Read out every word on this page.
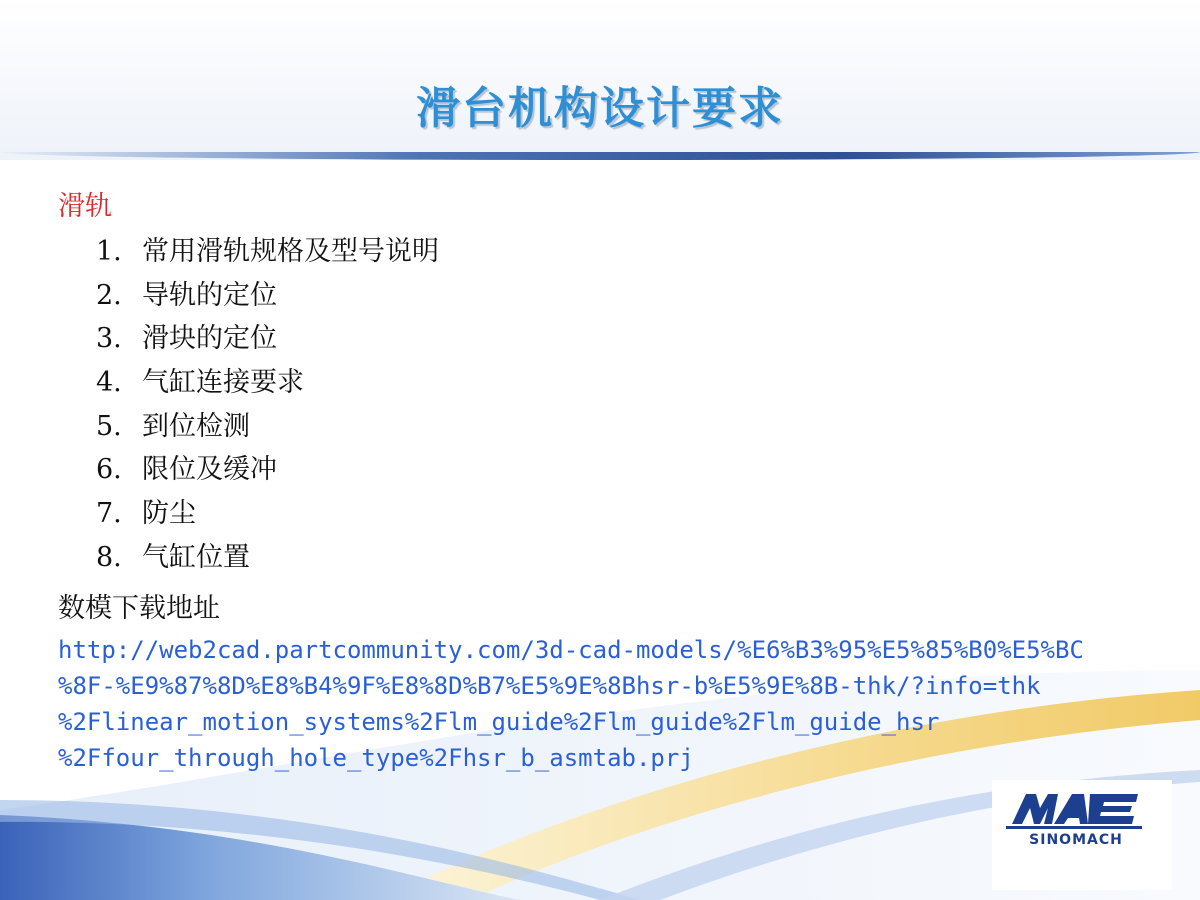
滑台机构设计要求
滑轨
1. 常用滑轨规格及型号说明
2. 导轨的定位
3. 滑块的定位
4. 气缸连接要求
5. 到位检测
6. 限位及缓冲
7. 防尘
8. 气缸位置
数模下载地址
http://web2cad.partcommunity.com/3d-cad-models/%E6%B3%95%E5%85%B0%E5%BC
%8F-%E9%87%8D%E8%B4%9F%E8%8D%B7%E5%9E%8Bhsr-b%E5%9E%8B-thk/?info=thk
%2Flinear_motion_systems%2Flm_guide%2Flm_guide%2Flm_guide_hsr
%2Ffour_through_hole_type%2Fhsr_b_asmtab.prj
SINOMACH
